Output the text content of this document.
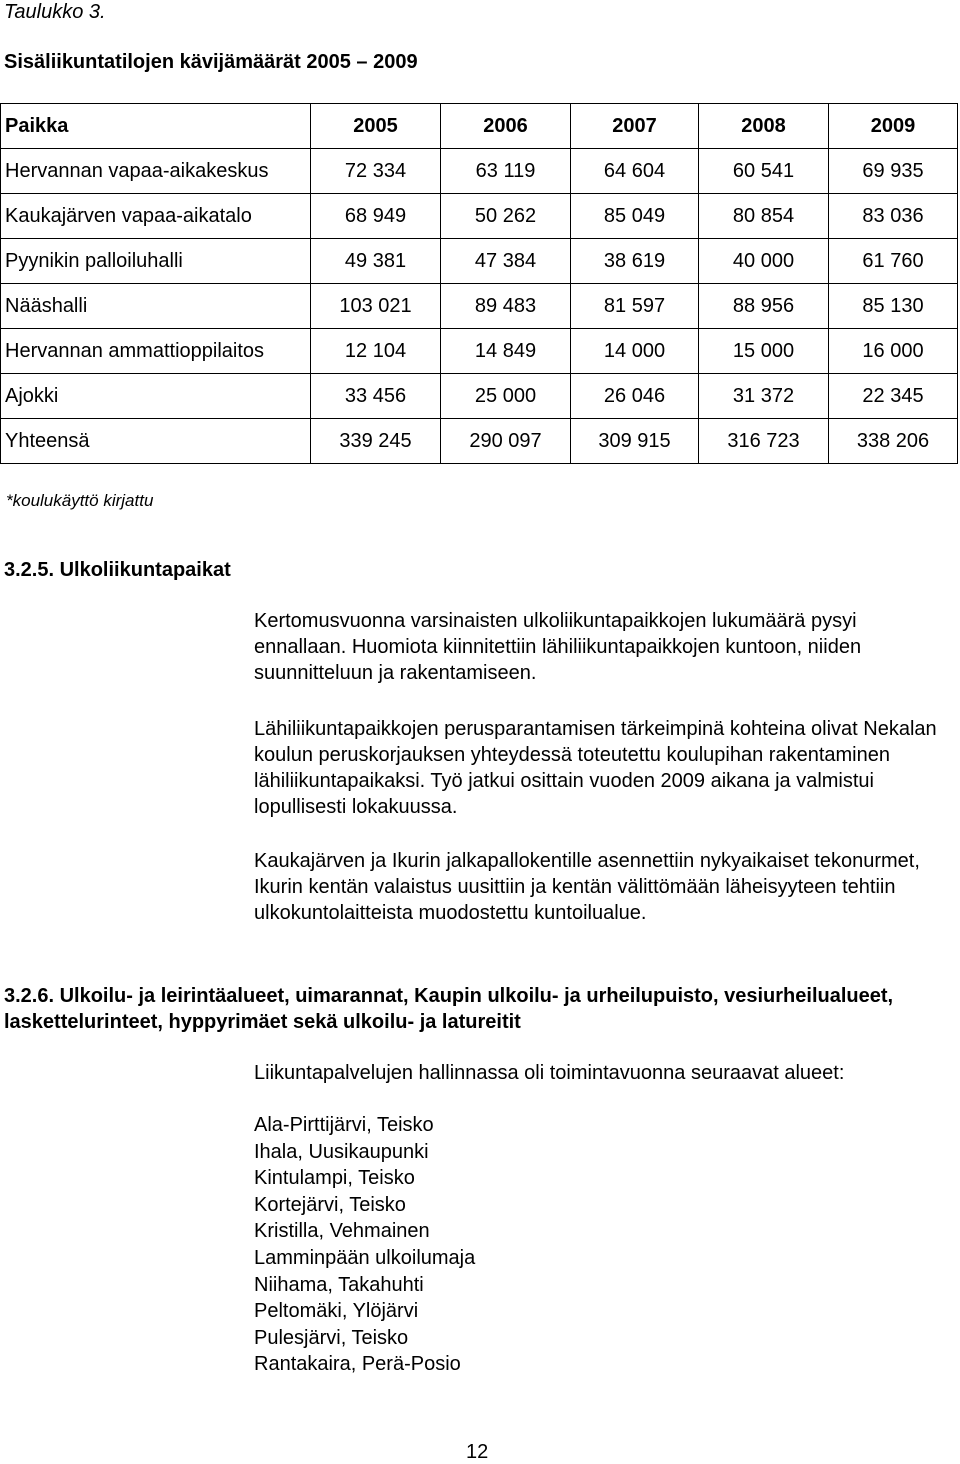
Taulukko 3.
Sisäliikuntatilojen kävijämäärät 2005 – 2009
Paikka	2005	2006	2007	2008	2009
Hervannan vapaa-aikakeskus	72 334	63 119	64 604	60 541	69 935
Kaukajärven vapaa-aikatalo	68 949	50 262	85 049	80 854	83 036
Pyynikin palloiluhalli	49 381	47 384	38 619	40 000	61 760
Nääshalli	103 021	89 483	81 597	88 956	85 130
Hervannan ammattioppilaitos	12 104	14 849	14 000	15 000	16 000
Ajokki	33 456	25 000	26 046	31 372	22 345
Yhteensä	339 245	290 097	309 915	316 723	338 206
*koulukäyttö kirjattu
3.2.5. Ulkoliikuntapaikat
Kertomusvuonna varsinaisten ulkoliikuntapaikkojen lukumäärä pysyi ennallaan. Huomiota kiinnitettiin lähiliikuntapaikkojen kuntoon, niiden suunnitteluun ja rakentamiseen.
Lähiliikuntapaikkojen perusparantamisen tärkeimpinä kohteina olivat Nekalan koulun peruskorjauksen yhteydessä toteutettu koulupihan rakentaminen lähiliikuntapaikaksi. Työ jatkui osittain vuoden 2009 aikana ja valmistui lopullisesti lokakuussa.
Kaukajärven ja Ikurin jalkapallokentille asennettiin nykyaikaiset tekonurmet, Ikurin kentän valaistus uusittiin ja kentän välittömään läheisyyteen tehtiin ulkokuntolaitteista muodostettu kuntoilualue.
3.2.6. Ulkoilu- ja leirintäalueet, uimarannat, Kaupin ulkoilu- ja urheilupuisto, vesiurheilualueet, laskettelurinteet, hyppyrimäet sekä ulkoilu- ja latureitit
Liikuntapalvelujen hallinnassa oli toimintavuonna seuraavat alueet:
Ala-Pirttijärvi, Teisko
Ihala, Uusikaupunki
Kintulampi, Teisko
Kortejärvi, Teisko
Kristilla, Vehmainen
Lamminpään ulkoilumaja
Niihama, Takahuhti
Peltomäki, Ylöjärvi
Pulesjärvi, Teisko
Rantakaira, Perä-Posio
12
